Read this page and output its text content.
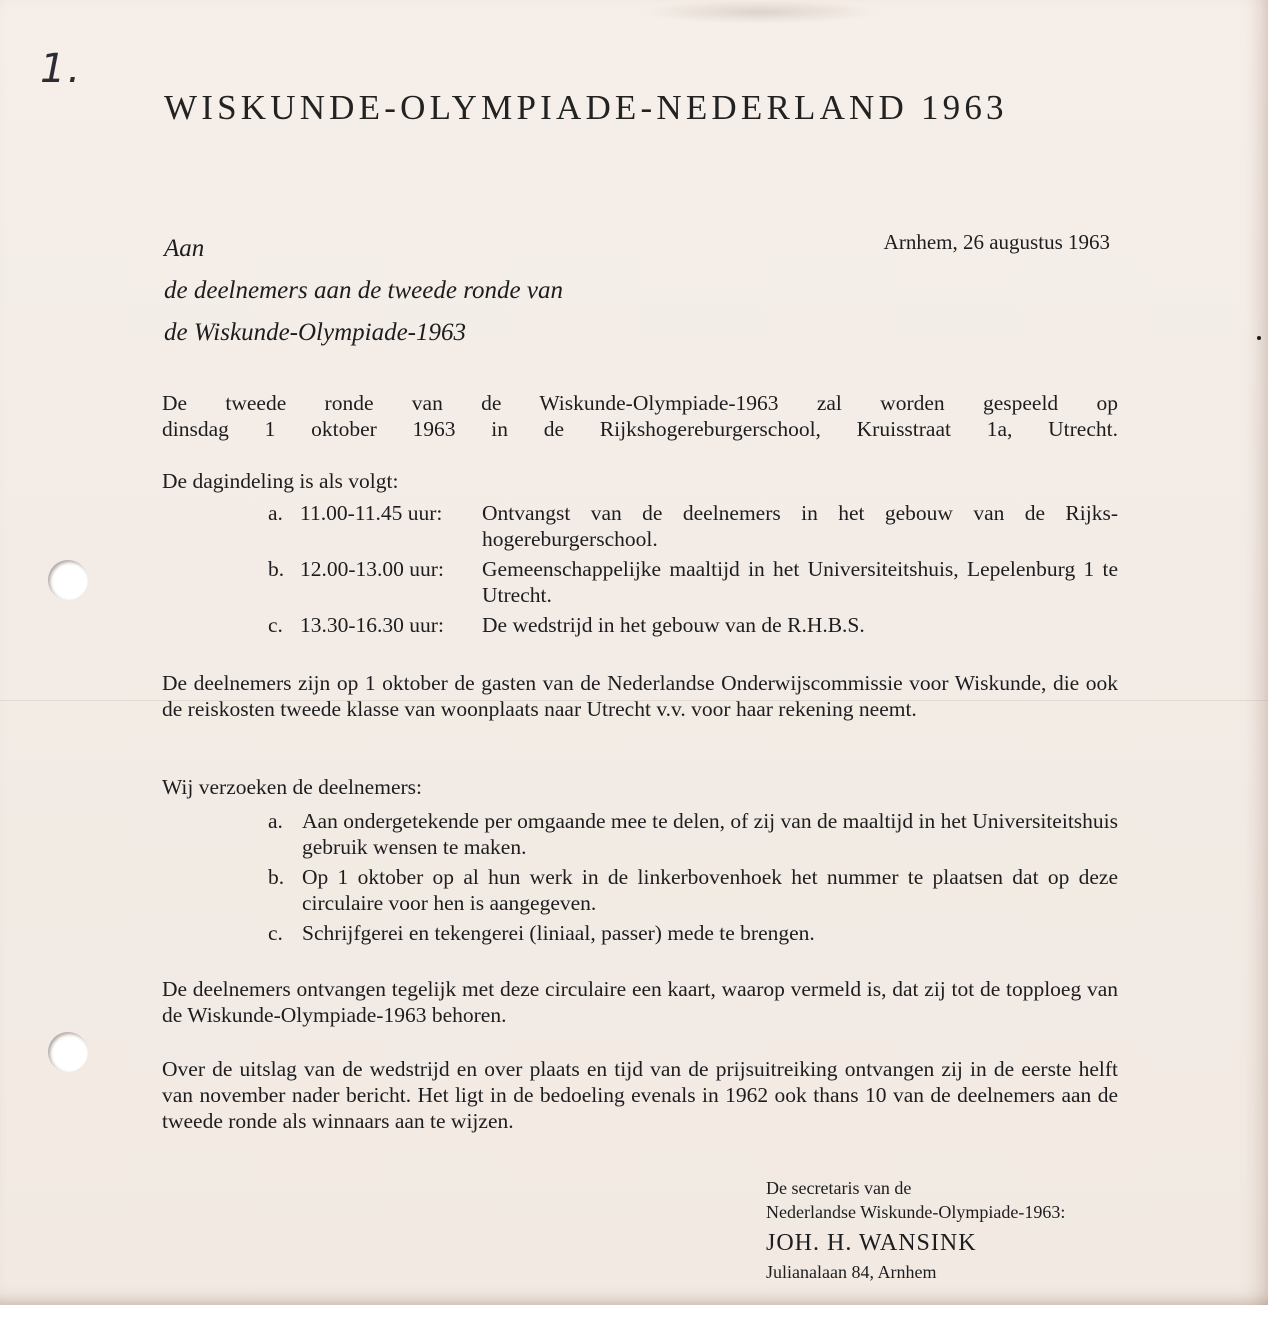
1.
WISKUNDE-OLYMPIADE-NEDERLAND 1963
Aan
de deelnemers aan de tweede ronde van
de Wiskunde-Olympiade-1963
Arnhem, 26 augustus 1963
De tweede ronde van de Wiskunde-Olympiade-1963 zal worden gespeeld op
dinsdag 1 oktober 1963 in de Rijkshogereburgerschool, Kruisstraat 1a, Utrecht.
De dagindeling is als volgt:
a. 11.00-11.45 uur:	Ontvangst van de deelnemers in het gebouw van de Rijks-hogereburgerschool.
b. 12.00-13.00 uur:	Gemeenschappelijke maaltijd in het Universiteitshuis, Lepelenburg 1 te Utrecht.
c. 13.30-16.30 uur:	De wedstrijd in het gebouw van de R.H.B.S.
De deelnemers zijn op 1 oktober de gasten van de Nederlandse Onderwijscommissie voor Wiskunde, die ook de reiskosten tweede klasse van woonplaats naar Utrecht v.v. voor haar rekening neemt.
Wij verzoeken de deelnemers:
a. Aan ondergetekende per omgaande mee te delen, of zij van de maaltijd in het Universiteitshuis gebruik wensen te maken.
b. Op 1 oktober op al hun werk in de linkerbovenhoek het nummer te plaatsen dat op deze circulaire voor hen is aangegeven.
c. Schrijfgerei en tekengerei (liniaal, passer) mede te brengen.
De deelnemers ontvangen tegelijk met deze circulaire een kaart, waarop vermeld is, dat zij tot de topploeg van de Wiskunde-Olympiade-1963 behoren.
Over de uitslag van de wedstrijd en over plaats en tijd van de prijsuitreiking ontvangen zij in de eerste helft van november nader bericht. Het ligt in de bedoeling evenals in 1962 ook thans 10 van de deelnemers aan de tweede ronde als winnaars aan te wijzen.
De secretaris van de
Nederlandse Wiskunde-Olympiade-1963:
JOH. H. WANSINK
Julianalaan 84, Arnhem
